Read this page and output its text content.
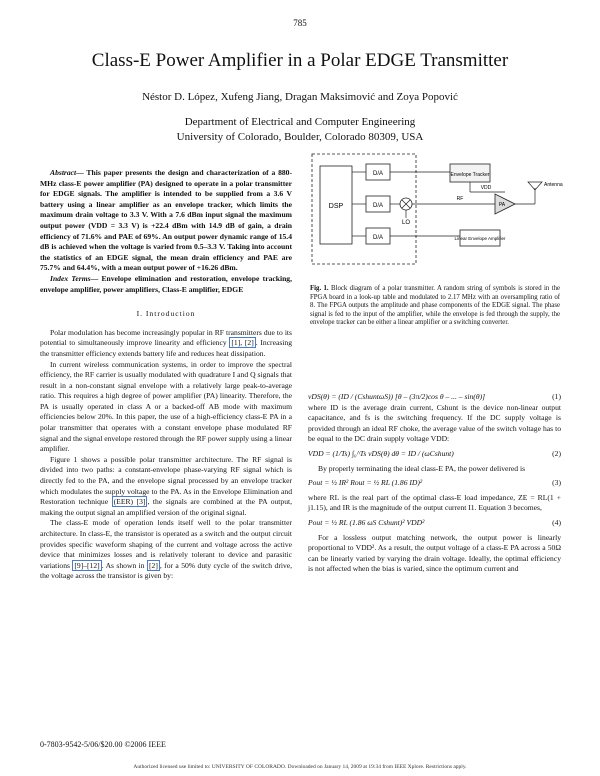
785
Class-E Power Amplifier in a Polar EDGE Transmitter
Néstor D. López, Xufeng Jiang, Dragan Maksimović and Zoya Popović
Department of Electrical and Computer Engineering
University of Colorado, Boulder, Colorado 80309, USA

Abstract— This paper presents the design and characterization of a 880-MHz class-E power amplifier (PA) designed to operate in a polar transmitter for EDGE signals. The amplifier is intended to be supplied from a 3.6 V battery using a linear amplifier as an envelope tracker, which limits the maximum drain voltage to 3.3 V. With a 7.6 dBm input signal the maximum output power (VDD = 3.3 V) is +22.4 dBm with 14.9 dB of gain, a drain efficiency of 71.6% and PAE of 69%. An output power dynamic range of 15.4 dB is achieved when the voltage is varied from 0.5–3.3 V. Taking into account the statistics of an EDGE signal, the mean drain efficiency and PAE are 75.7% and 64.4%, with a mean output power of +16.26 dBm.

Index Terms— Envelope elimination and restoration, envelope tracking, envelope amplifier, power amplifiers, Class-E amplifier, EDGE

I. Introduction

Polar modulation has become increasingly popular in RF transmitters due to its potential to simultaneously improve linearity and efficiency [1], [2] . Increasing the transmitter efficiency extends battery life and reduces heat dissipation.

In current wireless communication systems, in order to improve the spectral efficiency, the RF carrier is usually modulated with quadrature I and Q signals that result in a non-constant signal envelope with a relatively large peak-to-average ratio. This requires a high degree of power amplifier (PA) linearity. Therefore, the PA is usually operated in class A or a backed-off AB mode with maximum efficiencies below 20%. In this paper, the use of a high-efficiency class-E PA in a polar transmitter that operates with a constant envelope phase modulated RF signal and the signal envelope restored through the RF power supply using a linear amplifier.

Figure 1 shows a possible polar transmitter architecture. The RF signal is divided into two paths: a constant-envelope phase-varying RF signal which is directly fed to the PA, and the envelope signal processed by an envelope tracker which modulates the supply voltage to the PA. As in the Envelope Elimination and Restoration technique (EER) [3] , the signals are combined at the PA output, making the output signal an amplified version of the original signal.

The class-E mode of operation lends itself well to the polar transmitter architecture. In class-E, the transistor is operated as a switch and the output circuit provides specific waveform shaping of the current and voltage across the active device that minimizes losses and is relatively tolerant to device and parasitic variations [9]–[12] . As shown in [2] , for a 50% duty cycle of the switch drive, the voltage across the transistor is given by:

DSP
D/A
D/A
D/A
LO
Envelope Tracker
RF
VDD
PA
Antenna
Linear Envelope Amplifier
Fig. 1. Block diagram of a polar transmitter. A random string of symbols is stored in the FPGA board in a look-up table and modulated to 2.17 MHz with an oversampling ratio of 8. The FPGA outputs the amplitude and phase components of the EDGE signal. The phase signal is fed to the input of the amplifier, while the envelope is fed through the supply, the envelope tracker can be either a linear amplifier or a switching converter.
vDS(θ) = (ID / (CshuntωS)) [θ – (3π/2)cos θ – ... – sin(θ)]	(1)

where ID is the average drain current, Cshunt is the device non-linear output capacitance, and fs is the switching frequency. If the DC supply voltage is provided through an ideal RF choke, the average value of the switch voltage has to be equal to the DC drain supply voltage VDD:

VDD = (1/Ts) ∫₀^Ts vDS(θ) dθ = ID / (ωCshunt)	(2)

By properly terminating the ideal class-E PA, the power delivered is

Pout = ½ IR² Rout = ½ RL (1.86 ID)²	(3)

where RL is the real part of the optimal class-E load impedance, ZE = RL(1 + j1.15), and IR is the magnitude of the output current I1. Equation 3 becomes,

Pout = ½ RL (1.86 ωS Cshunt)² VDD²	(4)

For a lossless output matching network, the output power is linearly proportional to VDD². As a result, the output voltage of a class-E PA across a 50Ω can be linearly varied by varying the drain voltage. Ideally, the optimal efficiency is not affected when the bias is varied, since the optimum current and

0-7803-9542-5/06/$20.00 ©2006 IEEE
Authorized licensed use limited to: UNIVERSITY OF COLORADO. Downloaded on January 14, 2009 at 19:34 from IEEE Xplore. Restrictions apply.
